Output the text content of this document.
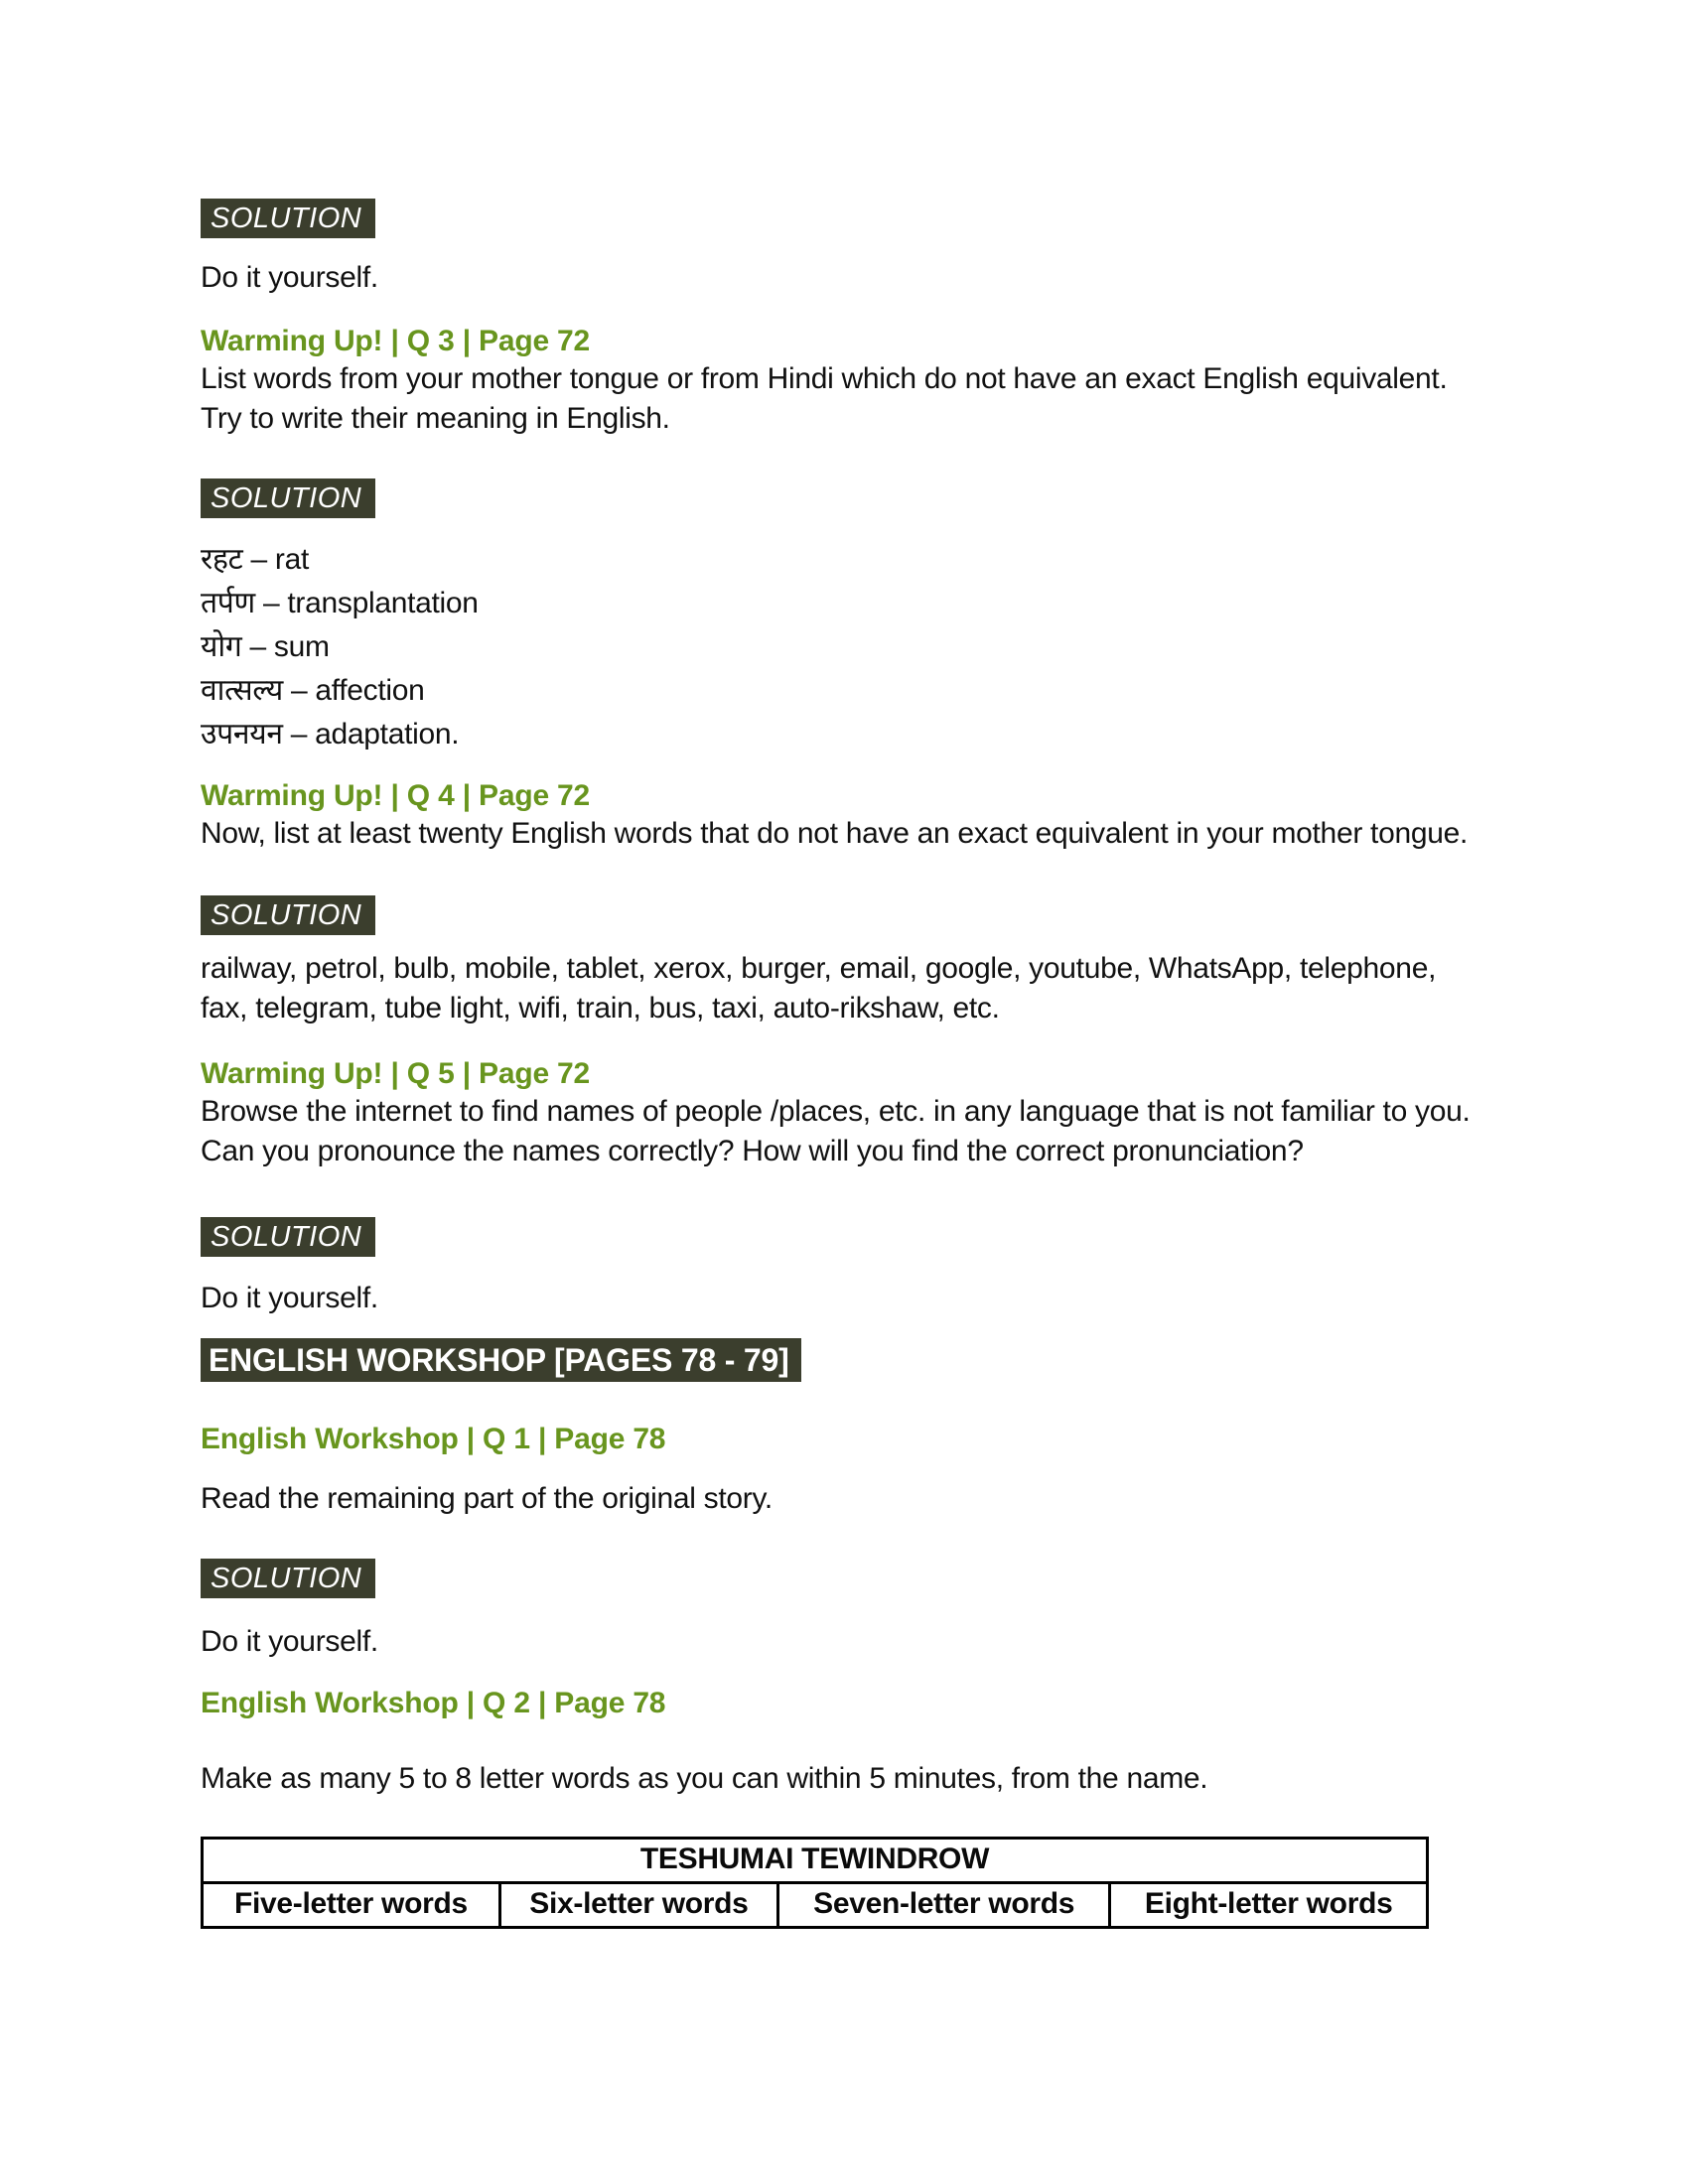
SOLUTION
Do it yourself.
Warming Up! | Q 3 | Page 72
List words from your mother tongue or from Hindi which do not have an exact English equivalent. Try to write their meaning in English.
SOLUTION
रहट – rat
तर्पण – transplantation
योग – sum
वात्सल्य – affection
उपनयन – adaptation.
Warming Up! | Q 4 | Page 72
Now, list at least twenty English words that do not have an exact equivalent in your mother tongue.
SOLUTION
railway, petrol, bulb, mobile, tablet, xerox, burger, email, google, youtube, WhatsApp, telephone, fax, telegram, tube light, wifi, train, bus, taxi, auto-rikshaw, etc.
Warming Up! | Q 5 | Page 72
Browse the internet to find names of people /places, etc. in any language that is not familiar to you. Can you pronounce the names correctly? How will you find the correct pronunciation?
SOLUTION
Do it yourself.
ENGLISH WORKSHOP [PAGES 78 - 79]
English Workshop | Q 1 | Page 78
Read the remaining part of the original story.
SOLUTION
Do it yourself.
English Workshop | Q 2 | Page 78
Make as many 5 to 8 letter words as you can within 5 minutes, from the name.
TESHUMAI TEWINDROW
Five-letter words	Six-letter words	Seven-letter words	Eight-letter words
